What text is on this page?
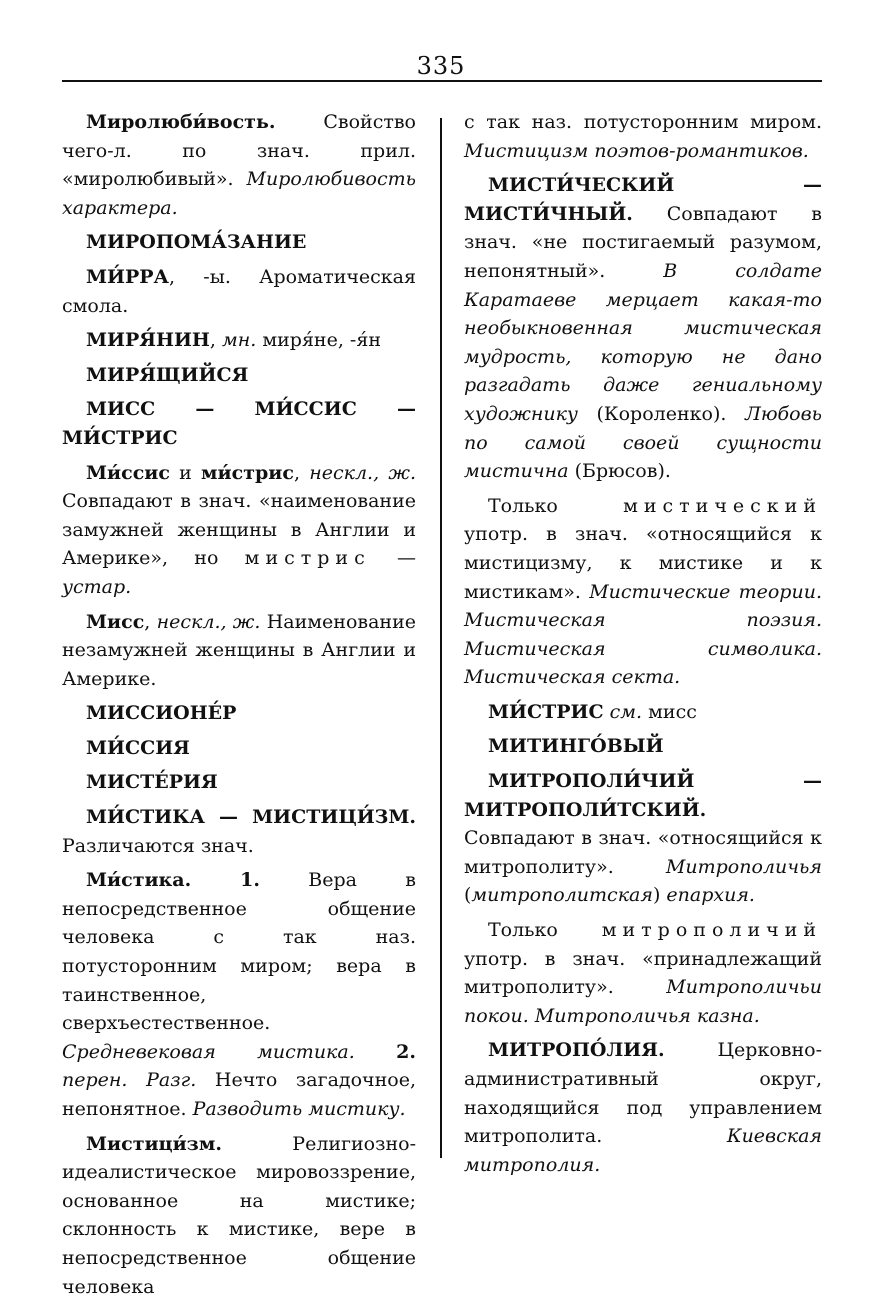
335

Миролюби́вость. Свойство чего-л. по знач. прил. «миролюбивый». Миролюбивость характера.

МИРОПОМА́ЗАНИЕ

МИ́РРА, -ы. Ароматическая смола.

МИРЯ́НИН, мн. миря́не, -я́н

МИРЯ́ЩИЙСЯ

МИСС — МИ́ССИС — МИ́СТРИС

Ми́ссис и ми́стрис, нескл., ж. Совпадают в знач. «наименование замужней женщины в Англии и Америке», но мистрис — устар.

Мисс, нескл., ж. Наименование незамужней женщины в Англии и Америке.

МИССИОНЕ́Р

МИ́ССИЯ

МИСТЕ́РИЯ

МИ́СТИКА — МИСТИЦИ́ЗМ. Различаются знач.

Ми́стика. 1. Вера в непосредственное общение человека с так наз. потусторонним миром; вера в таинственное, сверхъестественное. Средневековая мистика. 2. перен. Разг. Нечто загадочное, непонятное. Разводить мистику.

Мистици́зм. Религиозно-идеалистическое мировоззрение, основанное на мистике; склонность к мистике, вере в непосредственное общение человека

с так наз. потусторонним миром. Мистицизм поэтов-романтиков.

МИСТИ́ЧЕСКИЙ — МИСТИ́ЧНЫЙ. Совпадают в знач. «не постигаемый разумом, непонятный». В солдате Каратаеве мерцает какая-то необыкновенная мистическая мудрость, которую не дано разгадать даже гениальному художнику (Короленко). Любовь по самой своей сущности мистична (Брюсов).

Только мистический употр. в знач. «относящийся к мистицизму, к мистике и к мистикам». Мистические теории. Мистическая поэзия. Мистическая символика. Мистическая секта.

МИ́СТРИС см. мисс

МИТИНГО́ВЫЙ

МИТРОПОЛИ́ЧИЙ — МИТРОПОЛИ́ТСКИЙ. Совпадают в знач. «относящийся к митрополиту». Митрополичья (митрополитская) епархия.

Только митрополичий употр. в знач. «принадлежащий митрополиту». Митрополичьи покои. Митрополичья казна.

МИТРОПО́ЛИЯ. Церковно-административный округ, находящийся под управлением митрополита. Киевская митрополия.
